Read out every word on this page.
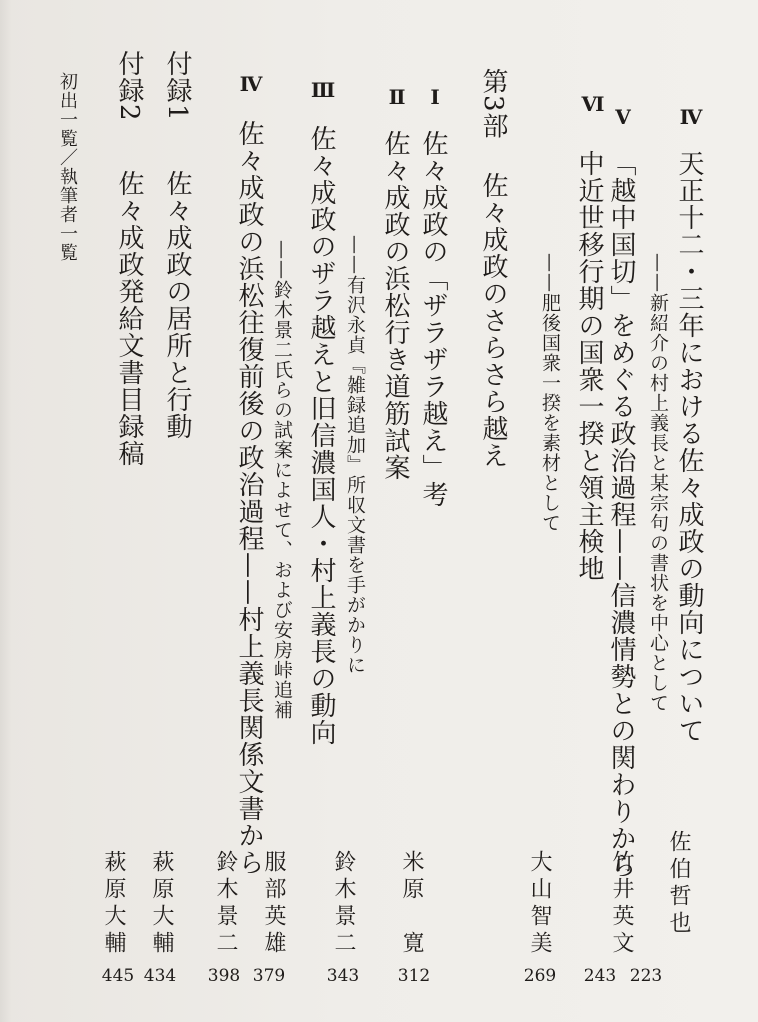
Ⅳ
天正十二・三年における佐々成政の動向について
——新紹介の村上義長と某宗句の書状を中心として
佐伯哲也
223
Ⅴ
「越中国切」をめぐる政治過程——信濃情勢との関わりから
竹井英文
243
Ⅵ
中近世移行期の国衆一揆と領主検地
——肥後国衆一揆を素材として
大山智美
269
第3部
佐々成政のさらさら越え
Ⅰ
佐々成政の「ザラザラ越え」考
米原　寛
312
Ⅱ
佐々成政の浜松行き道筋試案
——有沢永貞『雑録追加』所収文書を手がかりに
鈴木景二
343
Ⅲ
佐々成政のザラ越えと旧信濃国人・村上義長の動向
——鈴木景二氏らの試案によせて、および安房峠追補
服部英雄
379
Ⅳ
佐々成政の浜松往復前後の政治過程——村上義長関係文書から
鈴木景二
398
付録1
佐々成政の居所と行動
萩原大輔
434
付録2
佐々成政発給文書目録稿
萩原大輔
445
初出一覧／執筆者一覧
